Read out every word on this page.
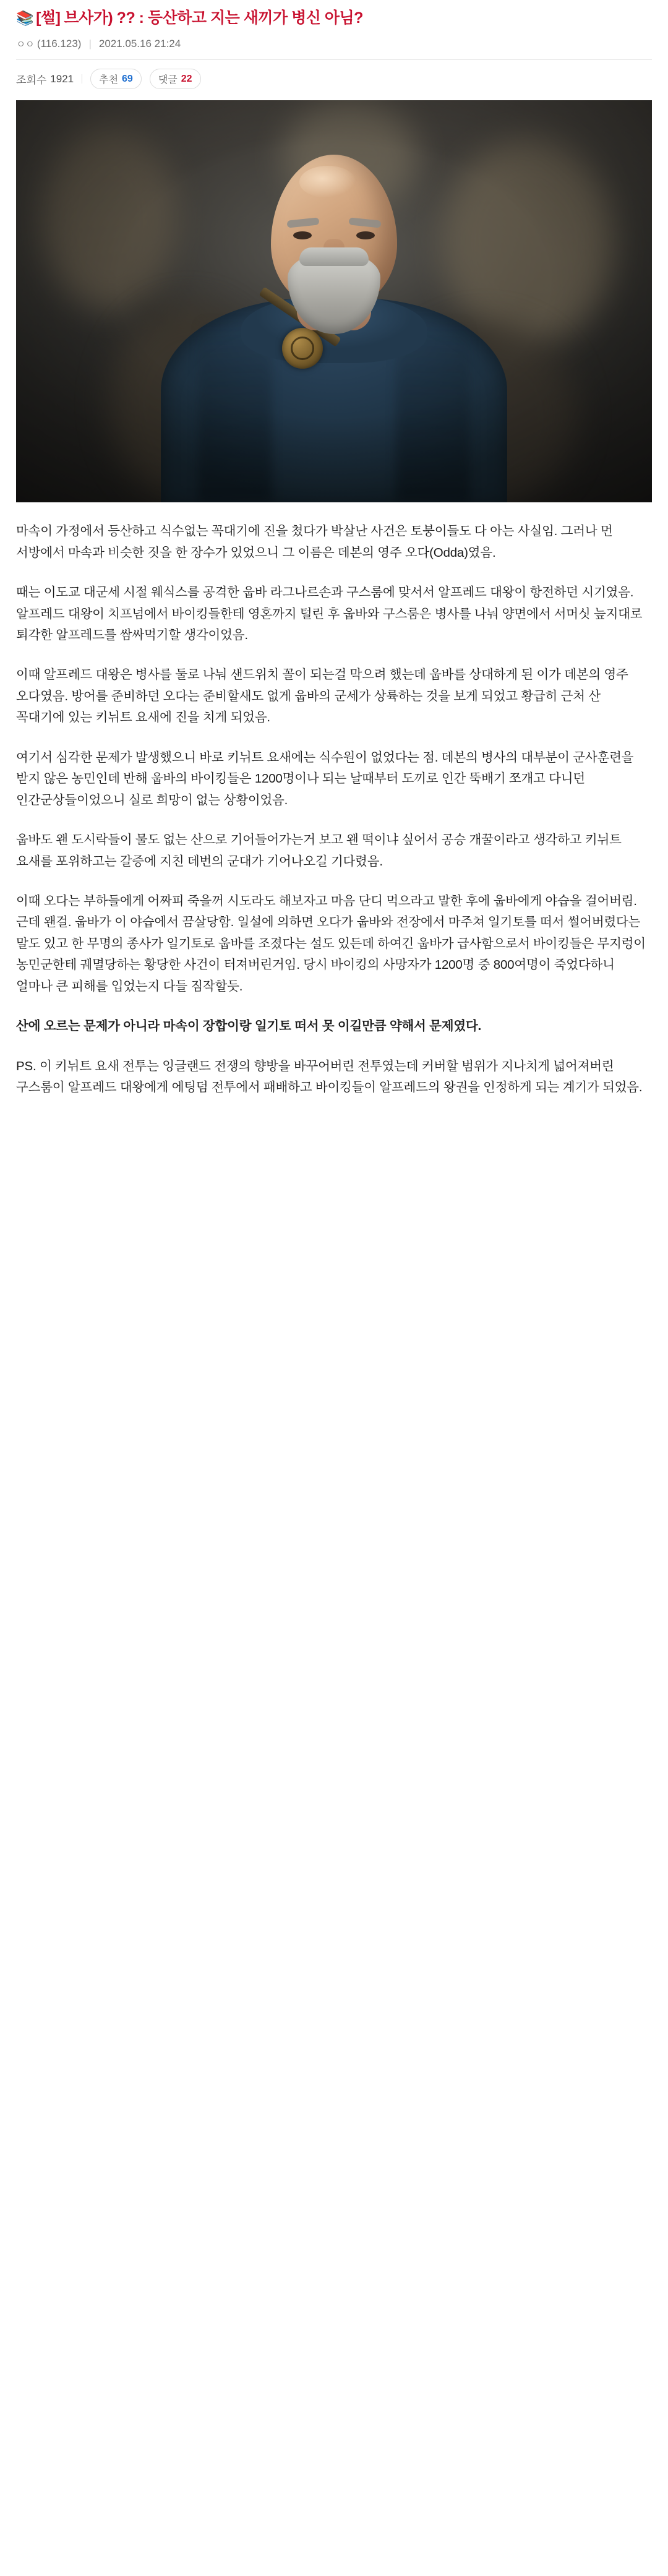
📚 [썰] 브사가) ?? : 등산하고 지는 새끼가 병신 아님?
ㅇㅇ (116.123) | 2021.05.16 21:24
조회수 1921	추천 69	댓글 22

마속이 가정에서 등산하고 식수없는 꼭대기에 진을 쳤다가 박살난 사건은 토붕이들도 다 아는 사실임. 그러나 먼 서방에서 마속과 비슷한 짓을 한 장수가 있었으니 그 이름은 데본의 영주 오다(Odda)였음.

때는 이도교 대군세 시절 웨식스를 공격한 웁바 라그나르손과 구스룸에 맞서서 알프레드 대왕이 항전하던 시기였음. 알프레드 대왕이 치프넘에서 바이킹들한테 영혼까지 털린 후 웁바와 구스룸은 병사를 나눠 양면에서 서머싯 늪지대로 퇴각한 알프레드를 쌈싸먹기할 생각이었음.

이때 알프레드 대왕은 병사를 둘로 나눠 샌드위치 꼴이 되는걸 막으려 했는데 웁바를 상대하게 된 이가 데본의 영주 오다였음. 방어를 준비하던 오다는 준비할새도 없게 웁바의 군세가 상륙하는 것을 보게 되었고 황급히 근처 산 꼭대기에 있는 키뉘트 요새에 진을 치게 되었음.

여기서 심각한 문제가 발생했으니 바로 키뉘트 요새에는 식수원이 없었다는 점. 데본의 병사의 대부분이 군사훈련을 받지 않은 농민인데 반해 웁바의 바이킹들은 1200명이나 되는 날때부터 도끼로 인간 뚝배기 쪼개고 다니던 인간군상들이었으니 실로 희망이 없는 상황이었음.

웁바도 왠 도시락들이 물도 없는 산으로 기어들어가는거 보고 왠 떡이냐 싶어서 공승 개꿀이라고 생각하고 키뉘트 요새를 포위하고는 갈증에 지친 데번의 군대가 기어나오길 기다렸음.

이때 오다는 부하들에게 어짜피 죽을꺼 시도라도 해보자고 마음 단디 먹으라고 말한 후에 웁바에게 야습을 걸어버림. 근데 왠걸. 웁바가 이 야습에서 끔살당함. 일설에 의하면 오다가 웁바와 전장에서 마주쳐 일기토를 떠서 썰어버렸다는 말도 있고 한 무명의 종사가 일기토로 웁바를 조졌다는 설도 있든데 하여긴 웁바가 급사함으로서 바이킹들은 무지렁이 농민군한테 궤멸당하는 황당한 사건이 터져버린거임. 당시 바이킹의 사망자가 1200명 중 800여명이 죽었다하니 얼마나 큰 피해를 입었는지 다들 짐작할듯.

산에 오르는 문제가 아니라 마속이 장합이랑 일기토 떠서 못 이길만큼 약해서 문제였다.

PS. 이 키뉘트 요새 전투는 잉글랜드 전쟁의 향방을 바꾸어버린 전투였는데 커버할 범위가 지나치게 넓어져버린 구스룸이 알프레드 대왕에게 에팅덤 전투에서 패배하고 바이킹들이 알프레드의 왕권을 인정하게 되는 계기가 되었음.
